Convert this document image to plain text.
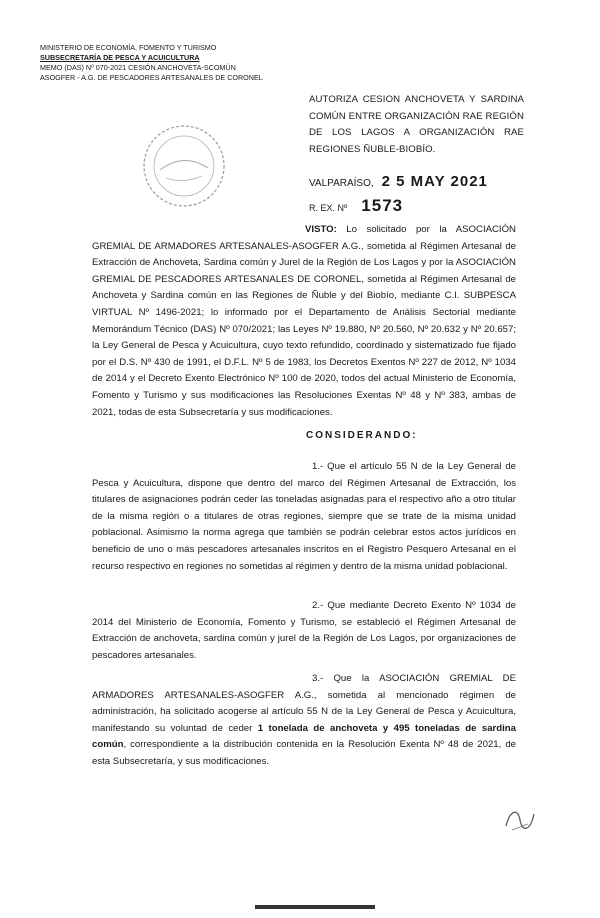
MINISTERIO DE ECONOMÍA, FOMENTO Y TURISMO
SUBSECRETARÍA DE PESCA Y ACUICULTURA
MEMO (DAS) Nº 070-2021 CESIÓN ANCHOVETA-SCOMÚN
ASOGFER - A.G. DE PESCADORES ARTESANALES DE CORONEL
AUTORIZA CESION ANCHOVETA Y SARDINA COMÚN ENTRE ORGANIZACIÓN RAE REGIÓN DE LOS LAGOS A ORGANIZACIÓN RAE REGIONES ÑUBLE-BIOBÍO.
VALPARAÍSO, 2 5 MAY 2021
R. EX. Nº 1573

VISTO: Lo solicitado por la ASOCIACIÓN GREMIAL DE ARMADORES ARTESANALES-ASOGFER A.G., sometida al Régimen Artesanal de Extracción de Anchoveta, Sardina común y Jurel de la Región de Los Lagos y por la ASOCIACIÓN GREMIAL DE PESCADORES ARTESANALES DE CORONEL, sometida al Régimen Artesanal de Anchoveta y Sardina común en las Regiones de Ñuble y del Biobío, mediante C.I. SUBPESCA VIRTUAL Nº 1496-2021; lo informado por el Departamento de Análisis Sectorial mediante Memorándum Técnico (DAS) Nº 070/2021; las Leyes Nº 19.880, Nº 20.560, Nº 20.632 y Nº 20.657; la Ley General de Pesca y Acuicultura, cuyo texto refundido, coordinado y sistematizado fue fijado por el D.S. Nº 430 de 1991, el D.F.L. Nº 5 de 1983, los Decretos Exentos Nº 227 de 2012, Nº 1034 de 2014 y el Decreto Exento Electrónico Nº 100 de 2020, todos del actual Ministerio de Economía, Fomento y Turismo y sus modificaciones las Resoluciones Exentas Nº 48 y Nº 383, ambas de 2021, todas de esta Subsecretaría y sus modificaciones.

CONSIDERANDO:

1.- Que el artículo 55 N de la Ley General de Pesca y Acuicultura, dispone que dentro del marco del Régimen Artesanal de Extracción, los titulares de asignaciones podrán ceder las toneladas asignadas para el respectivo año a otro titular de la misma región o a titulares de otras regiones, siempre que se trate de la misma unidad poblacional. Asimismo la norma agrega que también se podrán celebrar estos actos jurídicos en beneficio de uno o más pescadores artesanales inscritos en el Registro Pesquero Artesanal en el recurso respectivo en regiones no sometidas al régimen y dentro de la misma unidad poblacional.

2.- Que mediante Decreto Exento Nº 1034 de 2014 del Ministerio de Economía, Fomento y Turismo, se estableció el Régimen Artesanal de Extracción de anchoveta, sardina común y jurel de la Región de Los Lagos, por organizaciones de pescadores artesanales.

3.- Que la ASOCIACIÓN GREMIAL DE ARMADORES ARTESANALES-ASOGFER A.G., sometida al mencionado régimen de administración, ha solicitado acogerse al artículo 55 N de la Ley General de Pesca y Acuicultura, manifestando su voluntad de ceder 1 tonelada de anchoveta y 495 toneladas de sardina común, correspondiente a la distribución contenida en la Resolución Exenta Nº 48 de 2021, de esta Subsecretaría, y sus modificaciones.
